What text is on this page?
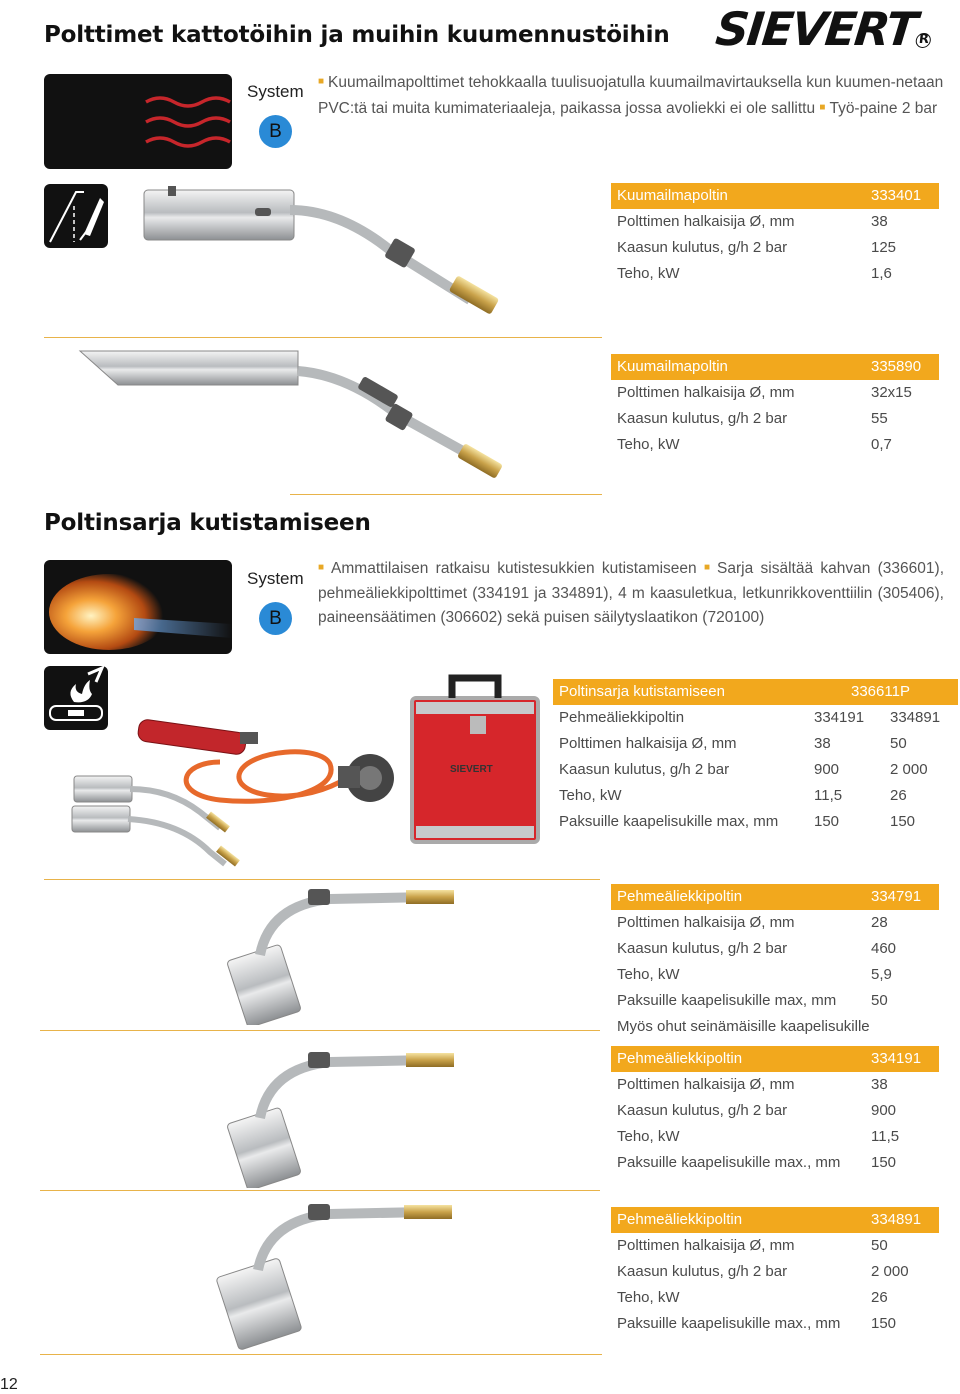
Polttimet kattotöihin ja muihin kuumennustöihin SIEVERTR
System
B
■ Kuumailmapolttimet tehokkaalla tuulisuojatulla kuumailmavirtauksella kun kuumen-netaan PVC:tä tai muita kumimateriaaleja, paikassa jossa avoliekki ei ole sallittu ■ Työ-paine 2 bar
Kuumailmapoltin	333401
Polttimen halkaisija Ø, mm	38
Kaasun kulutus, g/h 2 bar	125
Teho, kW	1,6
Kuumailmapoltin	335890
Polttimen halkaisija Ø, mm	32x15
Kaasun kulutus, g/h 2 bar	55
Teho, kW	0,7
Poltinsarja kutistamiseen
System
B
■ Ammattilaisen ratkaisu kutistesukkien kutistamiseen ■ Sarja sisältää kahvan (336601), pehmeäliekkipolttimet (334191 ja 334891), 4 m kaasuletkua, letkunrikkoventtiilin (305406), paineensäätimen (306602) sekä puisen säilytyslaatikon (720100)
SIEVERT
Poltinsarja kutistamiseen	336611P
Pehmeäliekkipoltin	334191 334891
Polttimen halkaisija Ø, mm	38	50
Kaasun kulutus, g/h 2 bar	900	2 000
Teho, kW	11,5	26
Paksuille kaapelisukille max, mm 150	150
Pehmeäliekkipoltin	334791
Polttimen halkaisija Ø, mm	28
Kaasun kulutus, g/h 2 bar	460
Teho, kW	5,9
Paksuille kaapelisukille max, mm 50
Myös ohut seinämäisille kaapelisukille
Pehmeäliekkipoltin	334191
Polttimen halkaisija Ø, mm	38
Kaasun kulutus, g/h 2 bar	900
Teho, kW	11,5
Paksuille kaapelisukille max., mm 150
Pehmeäliekkipoltin	334891
Polttimen halkaisija Ø, mm	50
Kaasun kulutus, g/h 2 bar	2 000
Teho, kW	26
Paksuille kaapelisukille max., mm 150
12
